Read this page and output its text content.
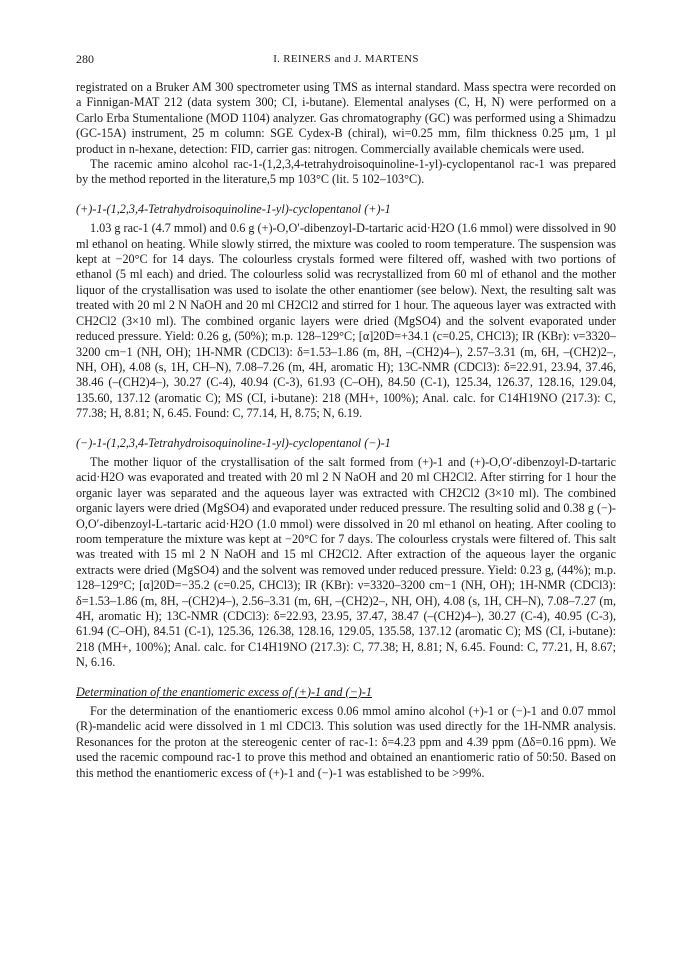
280	I. REINERS and J. MARTENS

registrated on a Bruker AM 300 spectrometer using TMS as internal standard. Mass spectra were recorded on a Finnigan-MAT 212 (data system 300; CI, i-butane). Elemental analyses (C, H, N) were performed on a Carlo Erba Stumentalione (MOD 1104) analyzer. Gas chromatography (GC) was performed using a Shimadzu (GC-15A) instrument, 25 m column: SGE Cydex-B (chiral), wi=0.25 mm, film thickness 0.25 µm, 1 µl product in n-hexane, detection: FID, carrier gas: nitrogen. Commercially available chemicals were used.

The racemic amino alcohol rac-1-(1,2,3,4-tetrahydroisoquinoline-1-yl)-cyclopentanol rac-1 was prepared by the method reported in the literature,5 mp 103°C (lit. 5 102–103°C).

(+)-1-(1,2,3,4-Tetrahydroisoquinoline-1-yl)-cyclopentanol (+)-1

1.03 g rac-1 (4.7 mmol) and 0.6 g (+)-O,O′-dibenzoyl-D-tartaric acid·H2O (1.6 mmol) were dissolved in 90 ml ethanol on heating. While slowly stirred, the mixture was cooled to room temperature. The suspension was kept at −20°C for 14 days. The colourless crystals formed were filtered off, washed with two portions of ethanol (5 ml each) and dried. The colourless solid was recrystallized from 60 ml of ethanol and the mother liquor of the crystallisation was used to isolate the other enantiomer (see below). Next, the resulting salt was treated with 20 ml 2 N NaOH and 20 ml CH2Cl2 and stirred for 1 hour. The aqueous layer was extracted with CH2Cl2 (3×10 ml). The combined organic layers were dried (MgSO4) and the solvent evaporated under reduced pressure. Yield: 0.26 g, (50%); m.p. 128–129°C; [α]20D=+34.1 (c=0.25, CHCl3); IR (KBr): ν=3320–3200 cm−1 (NH, OH); 1H-NMR (CDCl3): δ=1.53–1.86 (m, 8H, –(CH2)4–), 2.57–3.31 (m, 6H, –(CH2)2–, NH, OH), 4.08 (s, 1H, CH–N), 7.08–7.26 (m, 4H, aromatic H); 13C-NMR (CDCl3): δ=22.91, 23.94, 37.46, 38.46 (–(CH2)4–), 30.27 (C-4), 40.94 (C-3), 61.93 (C–OH), 84.50 (C-1), 125.34, 126.37, 128.16, 129.04, 135.60, 137.12 (aromatic C); MS (CI, i-butane): 218 (MH+, 100%); Anal. calc. for C14H19NO (217.3): C, 77.38; H, 8.81; N, 6.45. Found: C, 77.14, H, 8.75; N, 6.19.

(−)-1-(1,2,3,4-Tetrahydroisoquinoline-1-yl)-cyclopentanol (−)-1

The mother liquor of the crystallisation of the salt formed from (+)-1 and (+)-O,O′-dibenzoyl-D-tartaric acid·H2O was evaporated and treated with 20 ml 2 N NaOH and 20 ml CH2Cl2. After stirring for 1 hour the organic layer was separated and the aqueous layer was extracted with CH2Cl2 (3×10 ml). The combined organic layers were dried (MgSO4) and evaporated under reduced pressure. The resulting solid and 0.38 g (−)-O,O′-dibenzoyl-L-tartaric acid·H2O (1.0 mmol) were dissolved in 20 ml ethanol on heating. After cooling to room temperature the mixture was kept at −20°C for 7 days. The colourless crystals were filtered of. This salt was treated with 15 ml 2 N NaOH and 15 ml CH2Cl2. After extraction of the aqueous layer the organic extracts were dried (MgSO4) and the solvent was removed under reduced pressure. Yield: 0.23 g, (44%); m.p. 128–129°C; [α]20D=−35.2 (c=0.25, CHCl3); IR (KBr): ν=3320–3200 cm−1 (NH, OH); 1H-NMR (CDCl3): δ=1.53–1.86 (m, 8H, –(CH2)4–), 2.56–3.31 (m, 6H, –(CH2)2–, NH, OH), 4.08 (s, 1H, CH–N), 7.08–7.27 (m, 4H, aromatic H); 13C-NMR (CDCl3): δ=22.93, 23.95, 37.47, 38.47 (–(CH2)4–), 30.27 (C-4), 40.95 (C-3), 61.94 (C–OH), 84.51 (C-1), 125.36, 126.38, 128.16, 129.05, 135.58, 137.12 (aromatic C); MS (CI, i-butane): 218 (MH+, 100%); Anal. calc. for C14H19NO (217.3): C, 77.38; H, 8.81; N, 6.45. Found: C, 77.21, H, 8.67; N, 6.16.

Determination of the enantiomeric excess of (+)-1 and (−)-1

For the determination of the enantiomeric excess 0.06 mmol amino alcohol (+)-1 or (−)-1 and 0.07 mmol (R)-mandelic acid were dissolved in 1 ml CDCl3. This solution was used directly for the 1H-NMR analysis. Resonances for the proton at the stereogenic center of rac-1: δ=4.23 ppm and 4.39 ppm (Δδ=0.16 ppm). We used the racemic compound rac-1 to prove this method and obtained an enantiomeric ratio of 50:50. Based on this method the enantiomeric excess of (+)-1 and (−)-1 was established to be >99%.
